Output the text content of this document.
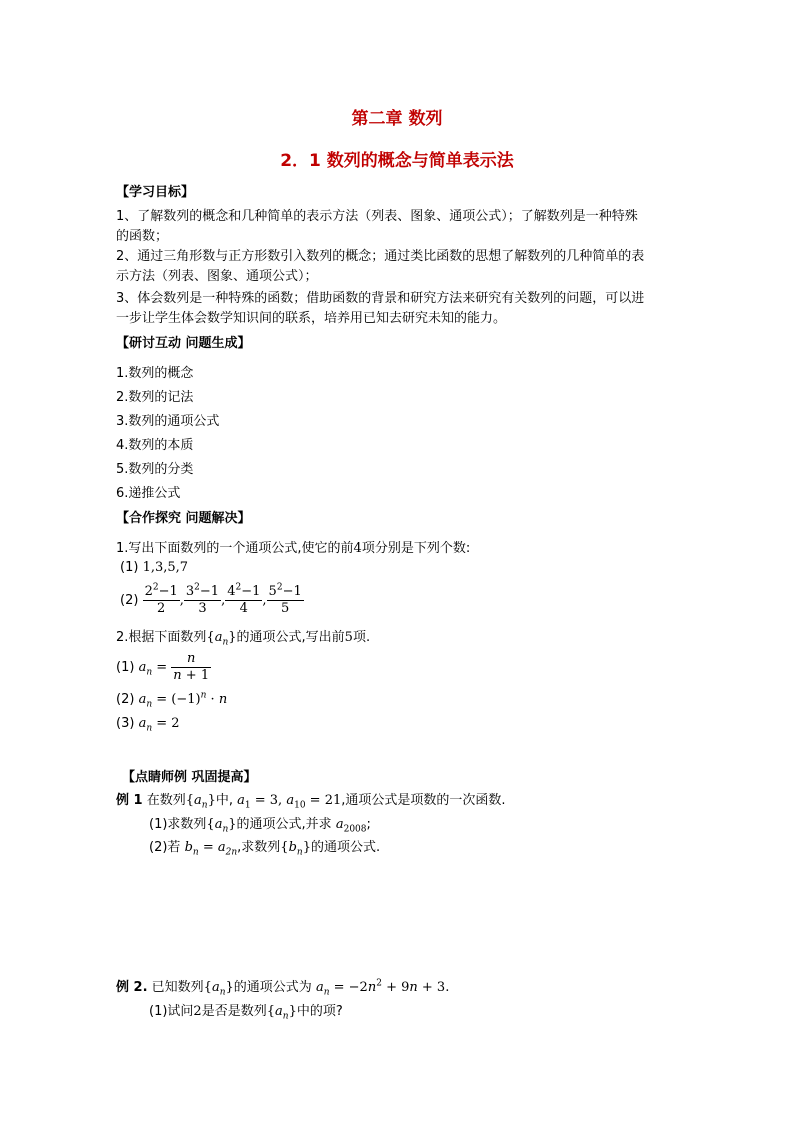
第二章 数列
2．1 数列的概念与简单表示法
【学习目标】
1、了解数列的概念和几种简单的表示方法（列表、图象、通项公式）；了解数列是一种特殊
的函数；
2、通过三角形数与正方形数引入数列的概念；通过类比函数的思想了解数列的几种简单的表
示方法（列表、图象、通项公式）；
3、体会数列是一种特殊的函数；借助函数的背景和研究方法来研究有关数列的问题，可以进
一步让学生体会数学知识间的联系，培养用已知去研究未知的能力。
【研讨互动 问题生成】
1.数列的概念
2.数列的记法
3.数列的通项公式
4.数列的本质
5.数列的分类
6.递推公式
【合作探究 问题解决】
1.写出下面数列的一个通项公式,使它的前4项分别是下列个数:
(1) 1,3,5,7
$(2) \frac{2^2-1}{2}$ , $\frac{3^2-1}{3}$ , $\frac{4^2-1}{4}$ , $\frac{5^2-1}{5}$
2.根据下面数列$\{a_n\}$的通项公式,写出前5项.
(1) $a_n = \frac{n}{n + 1}$
(2) $a_n = (-1)^n \cdot n$
(3) $a_n = 2$
【点睛师例 巩固提高】
例 1 在数列$\{a_n\}$中, $a_1 = 3$, $a_{10} = 21$,通项公式是项数的一次函数.
(1)求数列$\{a_n\}$的通项公式,并求 $a_{2008}$;
(2)若 $b_n = a_{2n}$,求数列$\{b_n\}$的通项公式.
例 2. 已知数列$\{a_n\}$的通项公式为 $a_n = -2n^2 + 9n + 3$.
(1)试问2是否是数列$\{a_n\}$中的项?
